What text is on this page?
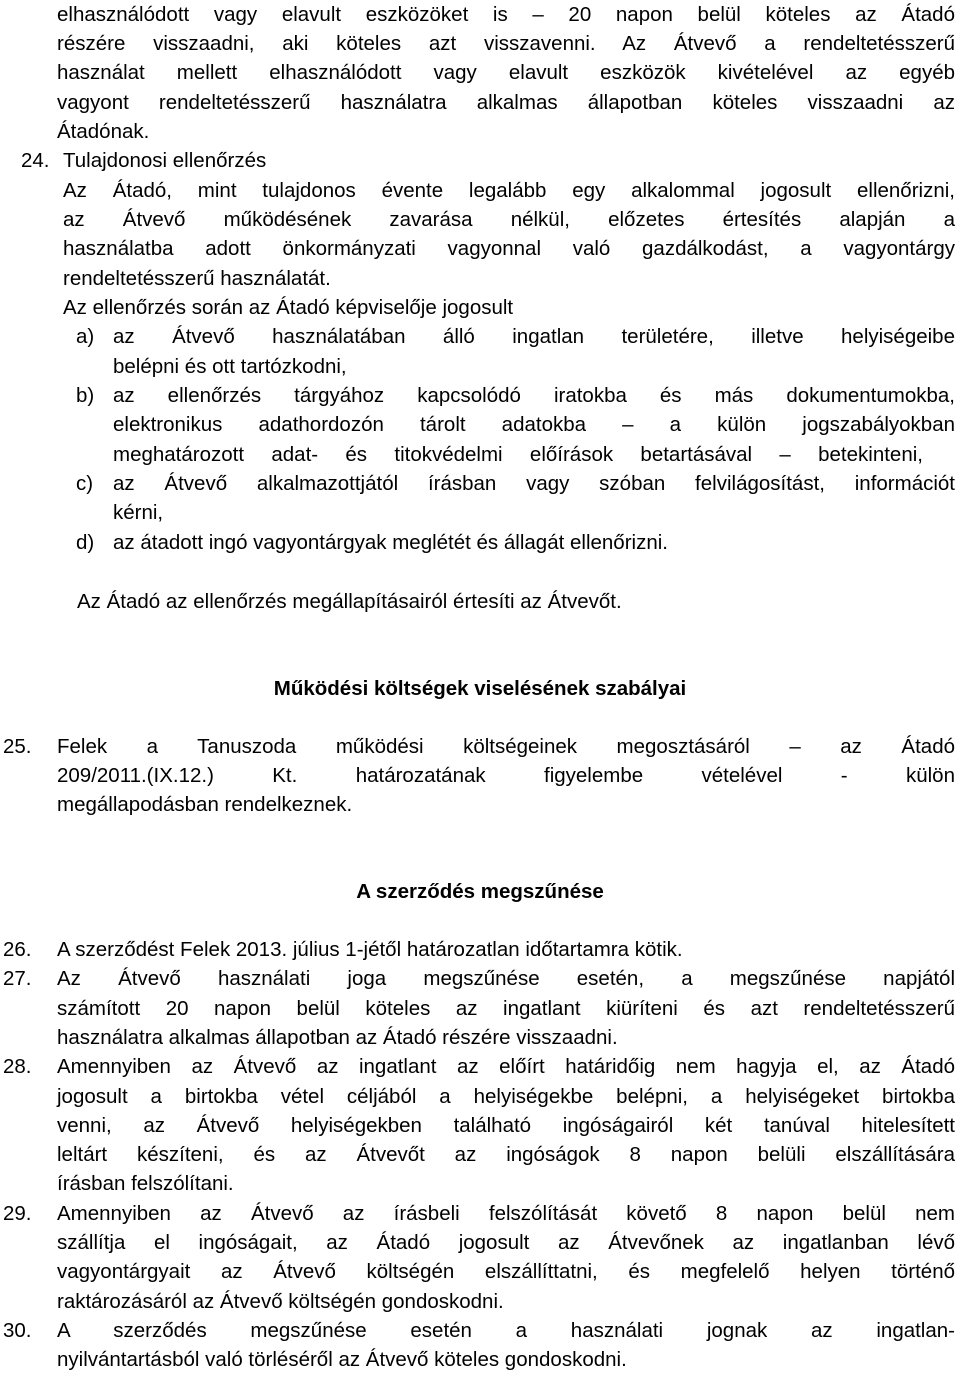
elhasználódott vagy elavult eszközöket is – 20 napon belül köteles az Átadó
részére visszaadni, aki köteles azt visszavenni. Az Átvevő a rendeltetésszerű
használat mellett elhasználódott vagy elavult eszközök kivételével az egyéb
vagyont rendeltetésszerű használatra alkalmas állapotban köteles visszaadni az
Átadónak.
24. Tulajdonosi ellenőrzés
Az Átadó, mint tulajdonos évente legalább egy alkalommal jogosult ellenőrizni,
az Átvevő működésének zavarása nélkül, előzetes értesítés alapján a
használatba adott önkormányzati vagyonnal való gazdálkodást, a vagyontárgy
rendeltetésszerű használatát.
Az ellenőrzés során az Átadó képviselője jogosult
a) az Átvevő használatában álló ingatlan területére, illetve helyiségeibe
belépni és ott tartózkodni,
b) az ellenőrzés tárgyához kapcsolódó iratokba és más dokumentumokba,
elektronikus adathordozón tárolt adatokba – a külön jogszabályokban
meghatározott adat- és titokvédelmi előírások betartásával – betekinteni,
c) az Átvevő alkalmazottjától írásban vagy szóban felvilágosítást, információt
kérni,
d) az átadott ingó vagyontárgyak meglétét és állagát ellenőrizni.
Az Átadó az ellenőrzés megállapításairól értesíti az Átvevőt.
Működési költségek viselésének szabályai
25. Felek a Tanuszoda működési költségeinek megosztásáról – az Átadó
209/2011.(IX.12.) Kt. határozatának figyelembe vételével - külön
megállapodásban rendelkeznek.
A szerződés megszűnése
26. A szerződést Felek 2013. július 1-jétől határozatlan időtartamra kötik.
27. Az Átvevő használati joga megszűnése esetén, a megszűnése napjától
számított 20 napon belül köteles az ingatlant kiüríteni és azt rendeltetésszerű
használatra alkalmas állapotban az Átadó részére visszaadni.
28. Amennyiben az Átvevő az ingatlant az előírt határidőig nem hagyja el, az Átadó
jogosult a birtokba vétel céljából a helyiségekbe belépni, a helyiségeket birtokba
venni, az Átvevő helyiségekben található ingóságairól két tanúval hitelesített
leltárt készíteni, és az Átvevőt az ingóságok 8 napon belüli elszállítására
írásban felszólítani.
29. Amennyiben az Átvevő az írásbeli felszólítását követő 8 napon belül nem
szállítja el ingóságait, az Átadó jogosult az Átvevőnek az ingatlanban lévő
vagyontárgyait az Átvevő költségén elszállíttatni, és megfelelő helyen történő
raktározásáról az Átvevő költségén gondoskodni.
30. A szerződés megszűnése esetén a használati jognak az ingatlan-
nyilvántartásból való törléséről az Átvevő köteles gondoskodni.
